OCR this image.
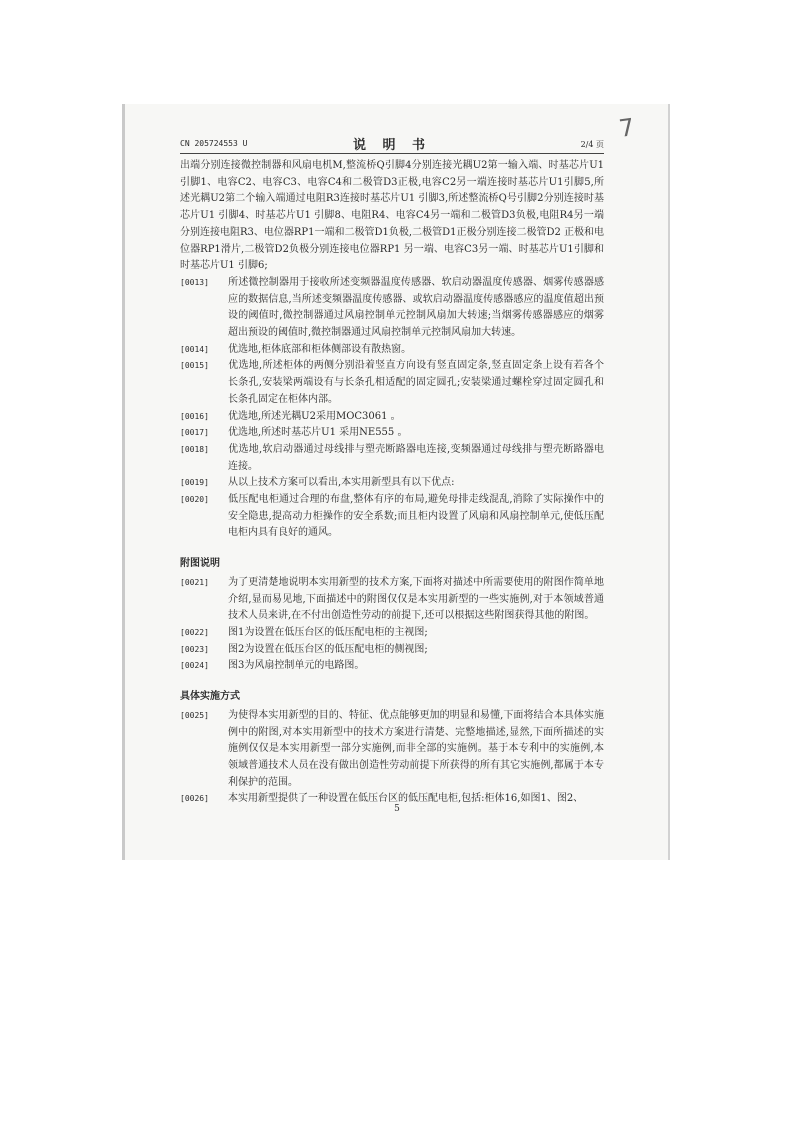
CN 205724553 U	说 明 书	2/4 页
7

出端分别连接微控制器和风扇电机M,整流桥Q引脚4分别连接光耦U2第一输入端、时基芯片U1引脚1、电容C2、电容C3、电容C4和二极管D3正极,电容C2另一端连接时基芯片U1引脚5,所述光耦U2第二个输入端通过电阻R3连接时基芯片U1 引脚3,所述整流桥Q号引脚2分别连接时基芯片U1 引脚4、时基芯片U1 引脚8、电阻R4、电容C4另一端和二极管D3负极,电阻R4另一端分别连接电阻R3、电位器RP1一端和二极管D1负极,二极管D1正极分别连接二极管D2 正极和电位器RP1滑片,二极管D2负极分别连接电位器RP1 另一端、电容C3另一端、时基芯片U1引脚和时基芯片U1 引脚6;

[0013] 所述微控制器用于接收所述变频器温度传感器、软启动器温度传感器、烟雾传感器感应的数据信息,当所述变频器温度传感器、或软启动器温度传感器感应的温度值超出预设的阈值时,微控制器通过风扇控制单元控制风扇加大转速;当烟雾传感器感应的烟雾超出预设的阈值时,微控制器通过风扇控制单元控制风扇加大转速。

[0014] 优选地,柜体底部和柜体侧部设有散热窗。

[0015] 优选地,所述柜体的两侧分别沿着竖直方向设有竖直固定条,竖直固定条上设有若各个长条孔,安装梁两端设有与长条孔相适配的固定圆孔;安装梁通过螺栓穿过固定圆孔和长条孔固定在柜体内部。

[0016] 优选地,所述光耦U2采用MOC3061 。

[0017] 优选地,所述时基芯片U1 采用NE555 。

[0018] 优选地,软启动器通过母线排与塑壳断路器电连接,变频器通过母线排与塑壳断路器电连接。

[0019] 从以上技术方案可以看出,本实用新型具有以下优点:

[0020] 低压配电柜通过合理的布盘,整体有序的布局,避免母排走线混乱,消除了实际操作中的安全隐患,提高动力柜操作的安全系数;而且柜内设置了风扇和风扇控制单元,使低压配电柜内具有良好的通风。

附图说明

[0021] 为了更清楚地说明本实用新型的技术方案,下面将对描述中所需要使用的附图作简单地介绍,显而易见地,下面描述中的附图仅仅是本实用新型的一些实施例,对于本领域普通技术人员来讲,在不付出创造性劳动的前提下,还可以根据这些附图获得其他的附图。

[0022] 图1为设置在低压台区的低压配电柜的主视图;

[0023] 图2为设置在低压台区的低压配电柜的侧视图;

[0024] 图3为风扇控制单元的电路图。

具体实施方式

[0025] 为使得本实用新型的目的、特征、优点能够更加的明显和易懂,下面将结合本具体实施例中的附图,对本实用新型中的技术方案进行清楚、完整地描述,显然,下面所描述的实施例仅仅是本实用新型一部分实施例,而非全部的实施例。基于本专利中的实施例,本领域普通技术人员在没有做出创造性劳动前提下所获得的所有其它实施例,都属于本专利保护的范围。

[0026] 本实用新型提供了一种设置在低压台区的低压配电柜,包括:柜体16,如图1、图2、

5
